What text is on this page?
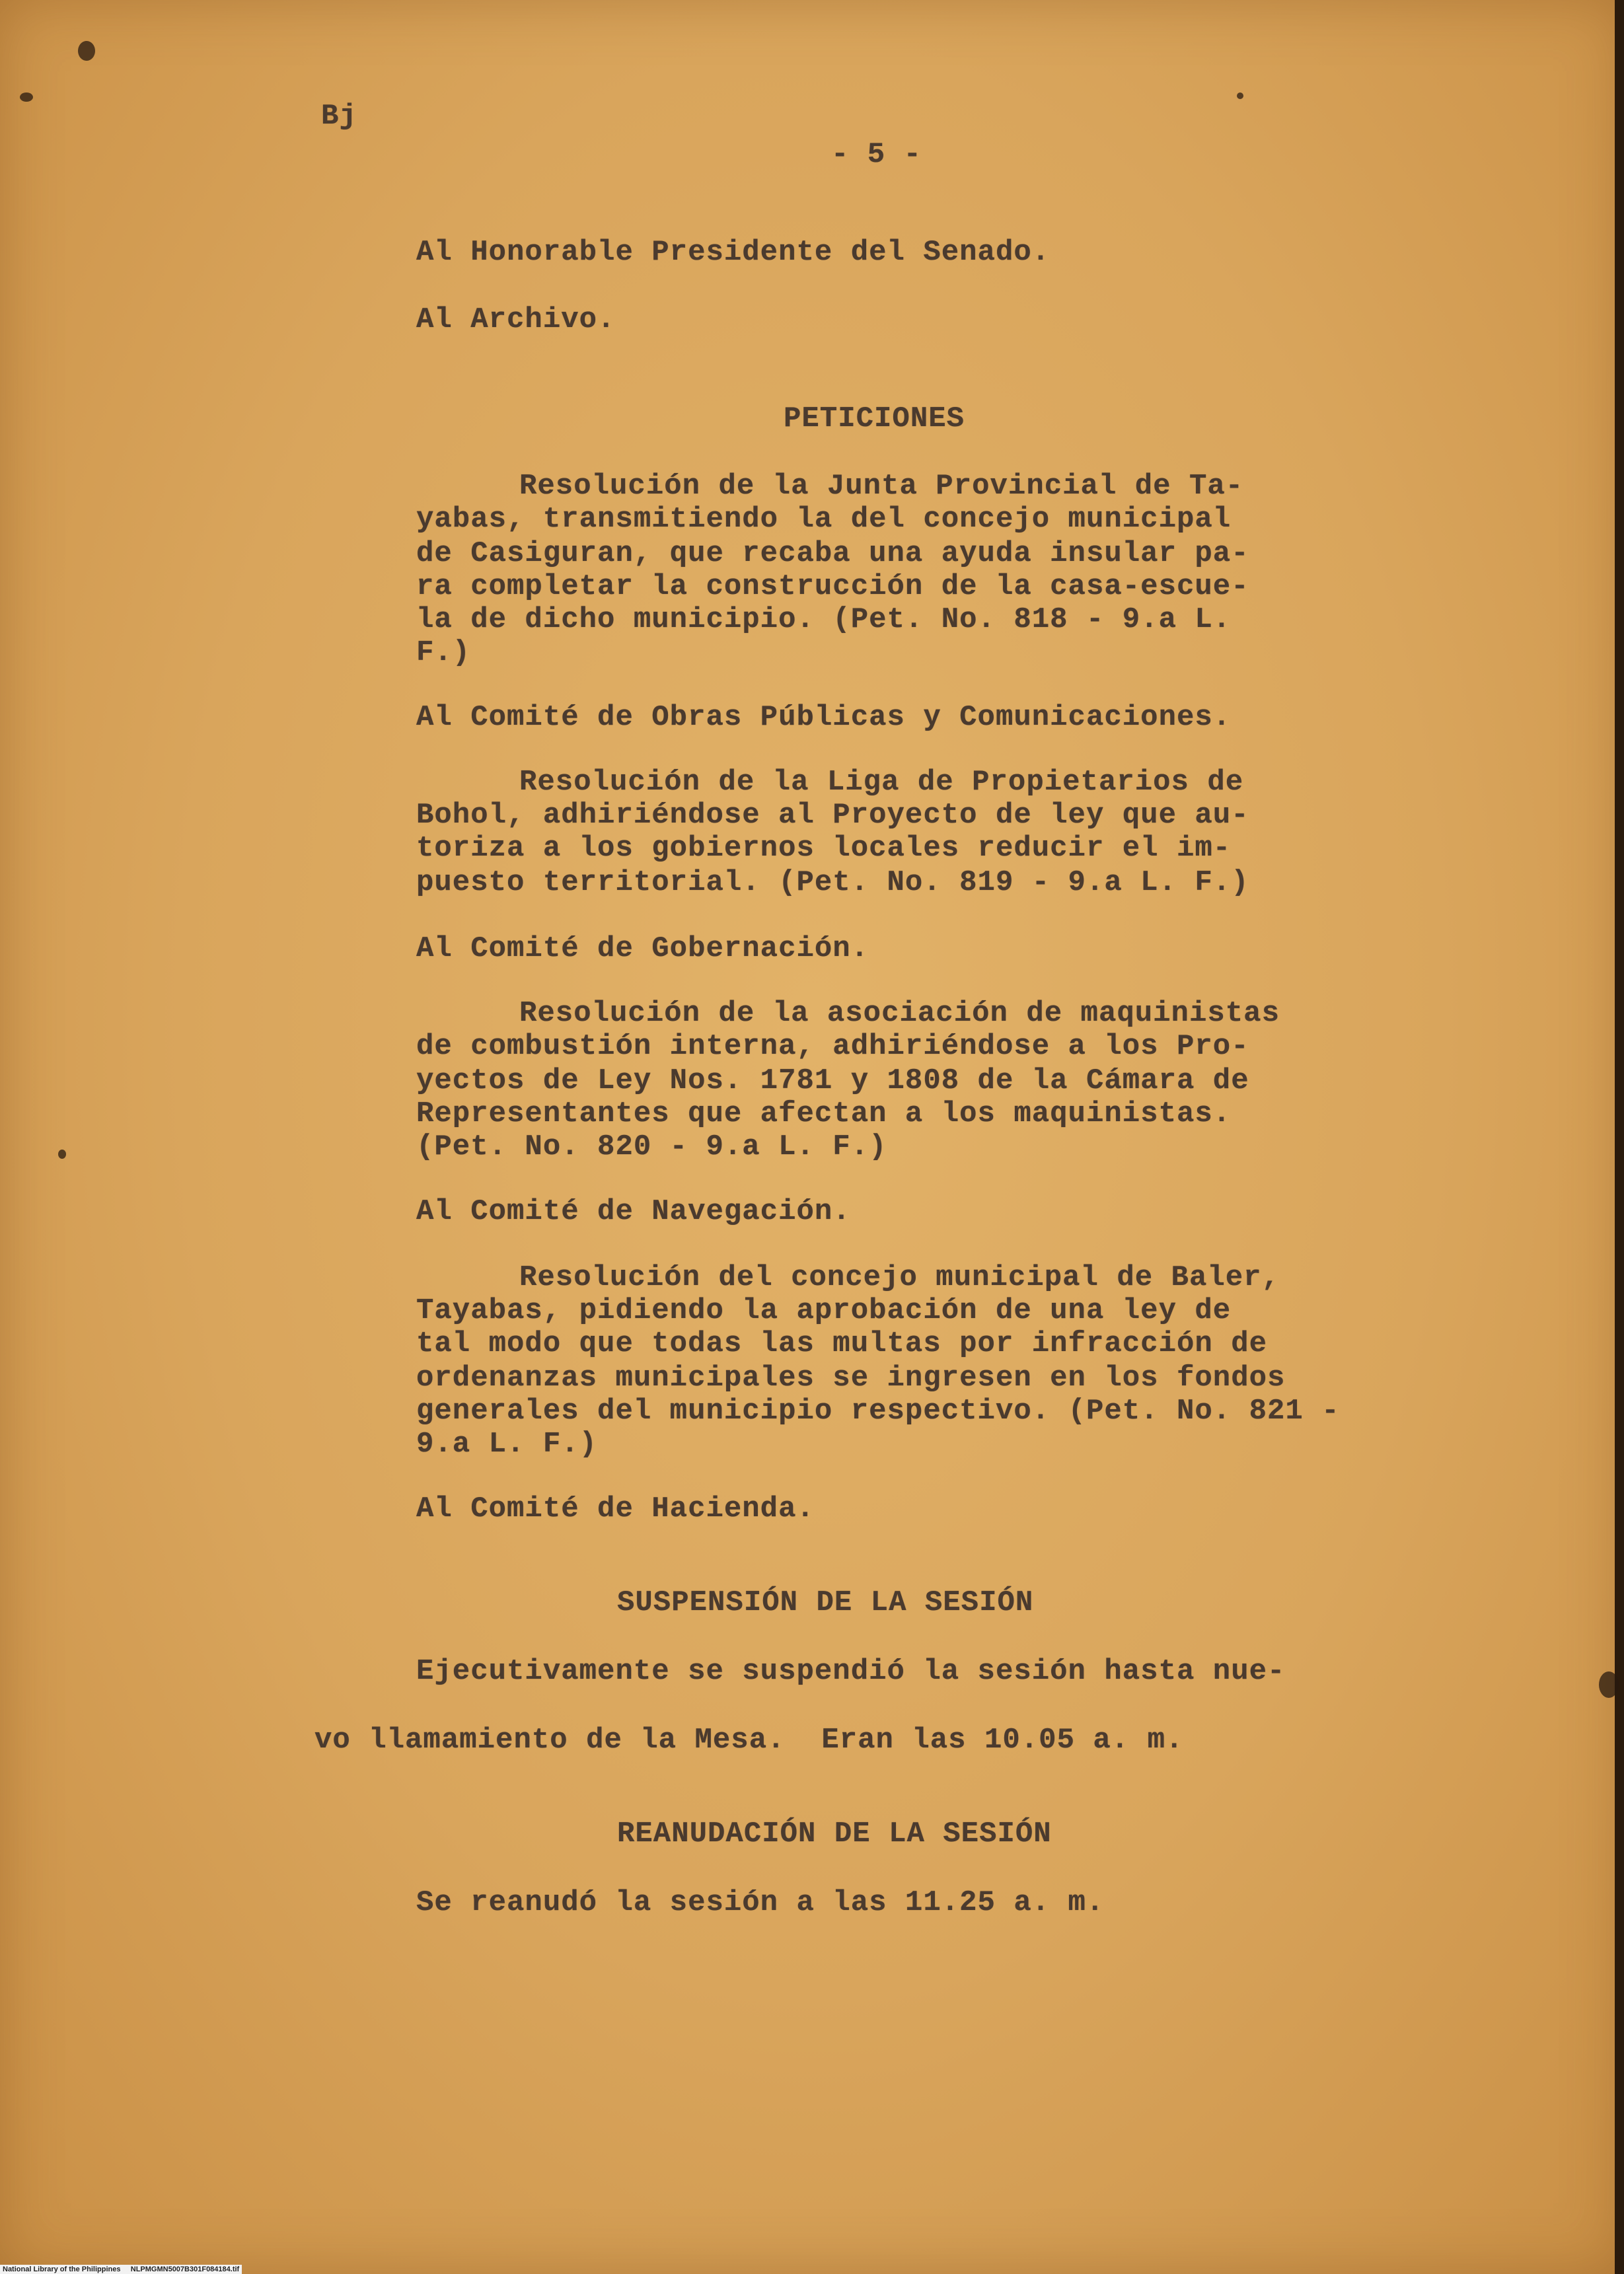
Bj
- 5 -
Al Honorable Presidente del Senado.
Al Archivo.
PETICIONES
Resolución de la Junta Provincial de Ta-
yabas, transmitiendo la del concejo municipal
de Casiguran, que recaba una ayuda insular pa-
ra completar la construcción de la casa-escue-
la de dicho municipio. (Pet. No. 818 - 9.a L.
F.)
Al Comité de Obras Públicas y Comunicaciones.
Resolución de la Liga de Propietarios de
Bohol, adhiriéndose al Proyecto de ley que au-
toriza a los gobiernos locales reducir el im-
puesto territorial. (Pet. No. 819 - 9.a L. F.)
Al Comité de Gobernación.
Resolución de la asociación de maquinistas
de combustión interna, adhiriéndose a los Pro-
yectos de Ley Nos. 1781 y 1808 de la Cámara de
Representantes que afectan a los maquinistas.
(Pet. No. 820 - 9.a L. F.)
Al Comité de Navegación.
Resolución del concejo municipal de Baler,
Tayabas, pidiendo la aprobación de una ley de
tal modo que todas las multas por infracción de
ordenanzas municipales se ingresen en los fondos
generales del municipio respectivo. (Pet. No. 821 -
9.a L. F.)
Al Comité de Hacienda.
SUSPENSIÓN DE LA SESIÓN
Ejecutivamente se suspendió la sesión hasta nue-
vo llamamiento de la Mesa.  Eran las 10.05 a. m.
REANUDACIÓN DE LA SESIÓN
Se reanudó la sesión a las 11.25 a. m.
National Library of the Philippines NLPMGMN5007B301F084184.tif
